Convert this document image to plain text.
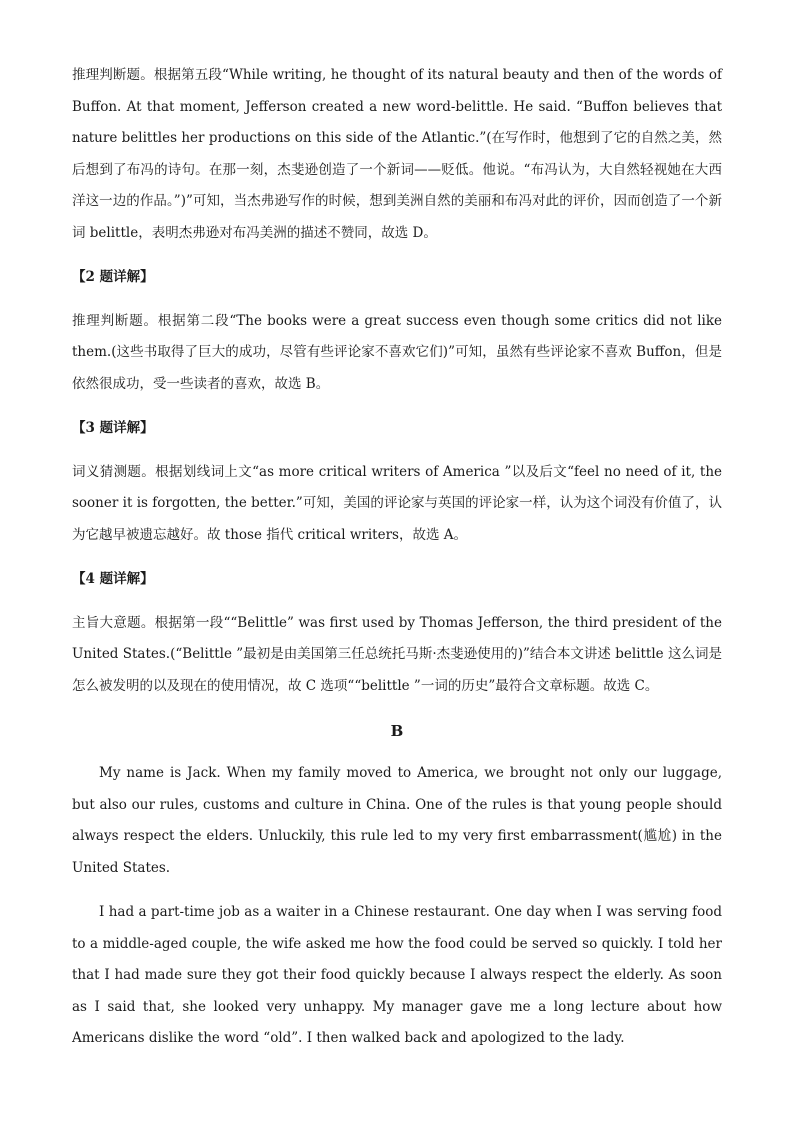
推理判断题。根据第五段“While writing, he thought of its natural beauty and then of the words of Buffon. At that moment, Jefferson created a new word-belittle. He said. “Buffon believes that nature belittles her productions on this side of the Atlantic.”(在写作时，他想到了它的自然之美，然后想到了布冯的诗句。在那一刻，杰斐逊创造了一个新词——贬低。他说。“布冯认为，大自然轻视她在大西洋这一边的作品。”)”可知，当杰弗逊写作的时候，想到美洲自然的美丽和布冯对此的评价，因而创造了一个新词 belittle，表明杰弗逊对布冯美洲的描述不赞同，故选 D。

【2 题详解】

推理判断题。根据第二段“The books were a great success even though some critics did not like them.(这些书取得了巨大的成功，尽管有些评论家不喜欢它们)”可知，虽然有些评论家不喜欢 Buffon，但是依然很成功，受一些读者的喜欢，故选 B。

【3 题详解】

词义猜测题。根据划线词上文“as more critical writers of America ”以及后文“feel no need of it, the sooner it is forgotten, the better.”可知，美国的评论家与英国的评论家一样，认为这个词没有价值了，认为它越早被遗忘越好。故 those 指代 critical writers，故选 A。

【4 题详解】

主旨大意题。根据第一段““Belittle” was first used by Thomas Jefferson, the third president of the United States.(“Belittle ”最初是由美国第三任总统托马斯·杰斐逊使用的)”结合本文讲述 belittle 这么词是怎么被发明的以及现在的使用情况，故 C 选项““belittle ”一词的历史”最符合文章标题。故选 C。

B

My name is Jack. When my family moved to America, we brought not only our luggage, but also our rules, customs and culture in China. One of the rules is that young people should always respect the elders. Unluckily, this rule led to my very first embarrassment(尴尬) in the United States.

I had a part-time job as a waiter in a Chinese restaurant. One day when I was serving food to a middle-aged couple, the wife asked me how the food could be served so quickly. I told her that I had made sure they got their food quickly because I always respect the elderly. As soon as I said that, she looked very unhappy. My manager gave me a long lecture about how Americans dislike the word “old”. I then walked back and apologized to the lady.
